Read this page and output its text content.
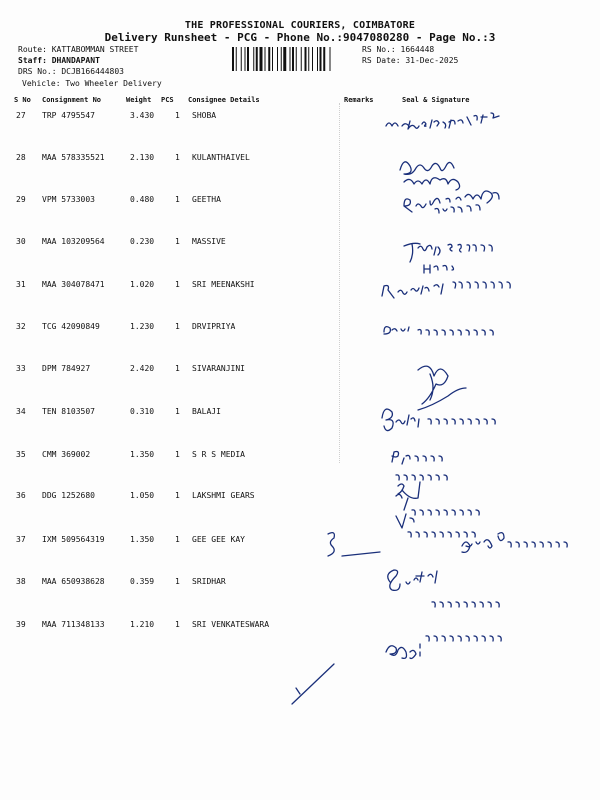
THE PROFESSIONAL COURIERS, COIMBATORE
Delivery Runsheet - PCG - Phone No.:9047080280 - Page No.:3
Route: KATTABOMMAN STREET
Staff: DHANDAPANT
DRS No.: DCJB166444803
Vehicle: Two Wheeler Delivery
RS No.: 1664448
RS Date: 31-Dec-2025
S No Consignment No	Weight PCS Consignee Details	Remarks	Seal & Signature
27 TRP 4795547	3.430	1 SHOBA
28 MAA 578335521	2.130	1 KULANTHAIVEL
29 VPM 5733003	0.480	1 GEETHA
30 MAA 103209564	0.230	1 MASSIVE
31 MAA 304078471	1.020	1 SRI MEENAKSHI
32 TCG 42090849	1.230	1 DRVIPRIYA
33 DPM 784927	2.420	1 SIVARANJINI
34 TEN 8103507	0.310	1 BALAJI
35 CMM 369002	1.350	1 S R S MEDIA
36 DDG 1252680	1.050	1 LAKSHMI GEARS
37 IXM 509564319	1.350	1 GEE GEE KAY
38 MAA 650938628	0.359	1 SRIDHAR
39 MAA 711348133	1.210	1 SRI VENKATESWARA
